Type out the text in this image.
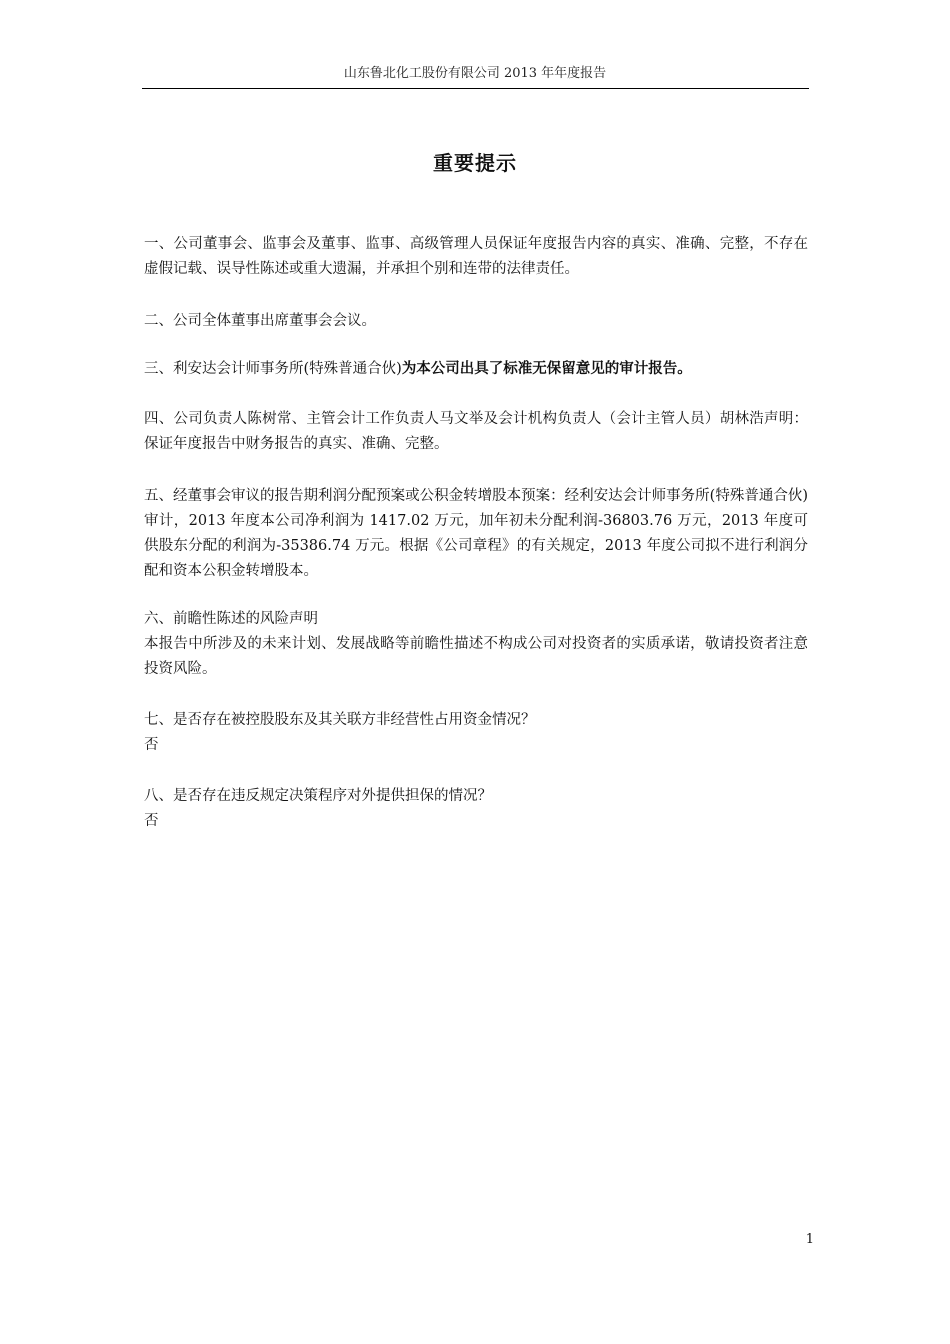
山东鲁北化工股份有限公司 2013 年年度报告
重要提示

一、公司董事会、监事会及董事、监事、高级管理人员保证年度报告内容的真实、准确、完整，不存在虚假记载、误导性陈述或重大遗漏，并承担个别和连带的法律责任。

二、公司全体董事出席董事会会议。

三、利安达会计师事务所(特殊普通合伙)为本公司出具了标准无保留意见的审计报告。

四、公司负责人陈树常、主管会计工作负责人马文举及会计机构负责人（会计主管人员）胡林浩声明：保证年度报告中财务报告的真实、准确、完整。

五、经董事会审议的报告期利润分配预案或公积金转增股本预案：经利安达会计师事务所(特殊普通合伙)审计，2013 年度本公司净利润为 1417.02 万元，加年初未分配利润-36803.76 万元，2013 年度可供股东分配的利润为-35386.74 万元。根据《公司章程》的有关规定，2013 年度公司拟不进行利润分配和资本公积金转增股本。

六、前瞻性陈述的风险声明

本报告中所涉及的未来计划、发展战略等前瞻性描述不构成公司对投资者的实质承诺，敬请投资者注意投资风险。

七、是否存在被控股股东及其关联方非经营性占用资金情况？

否

八、是否存在违反规定决策程序对外提供担保的情况？

否

1
